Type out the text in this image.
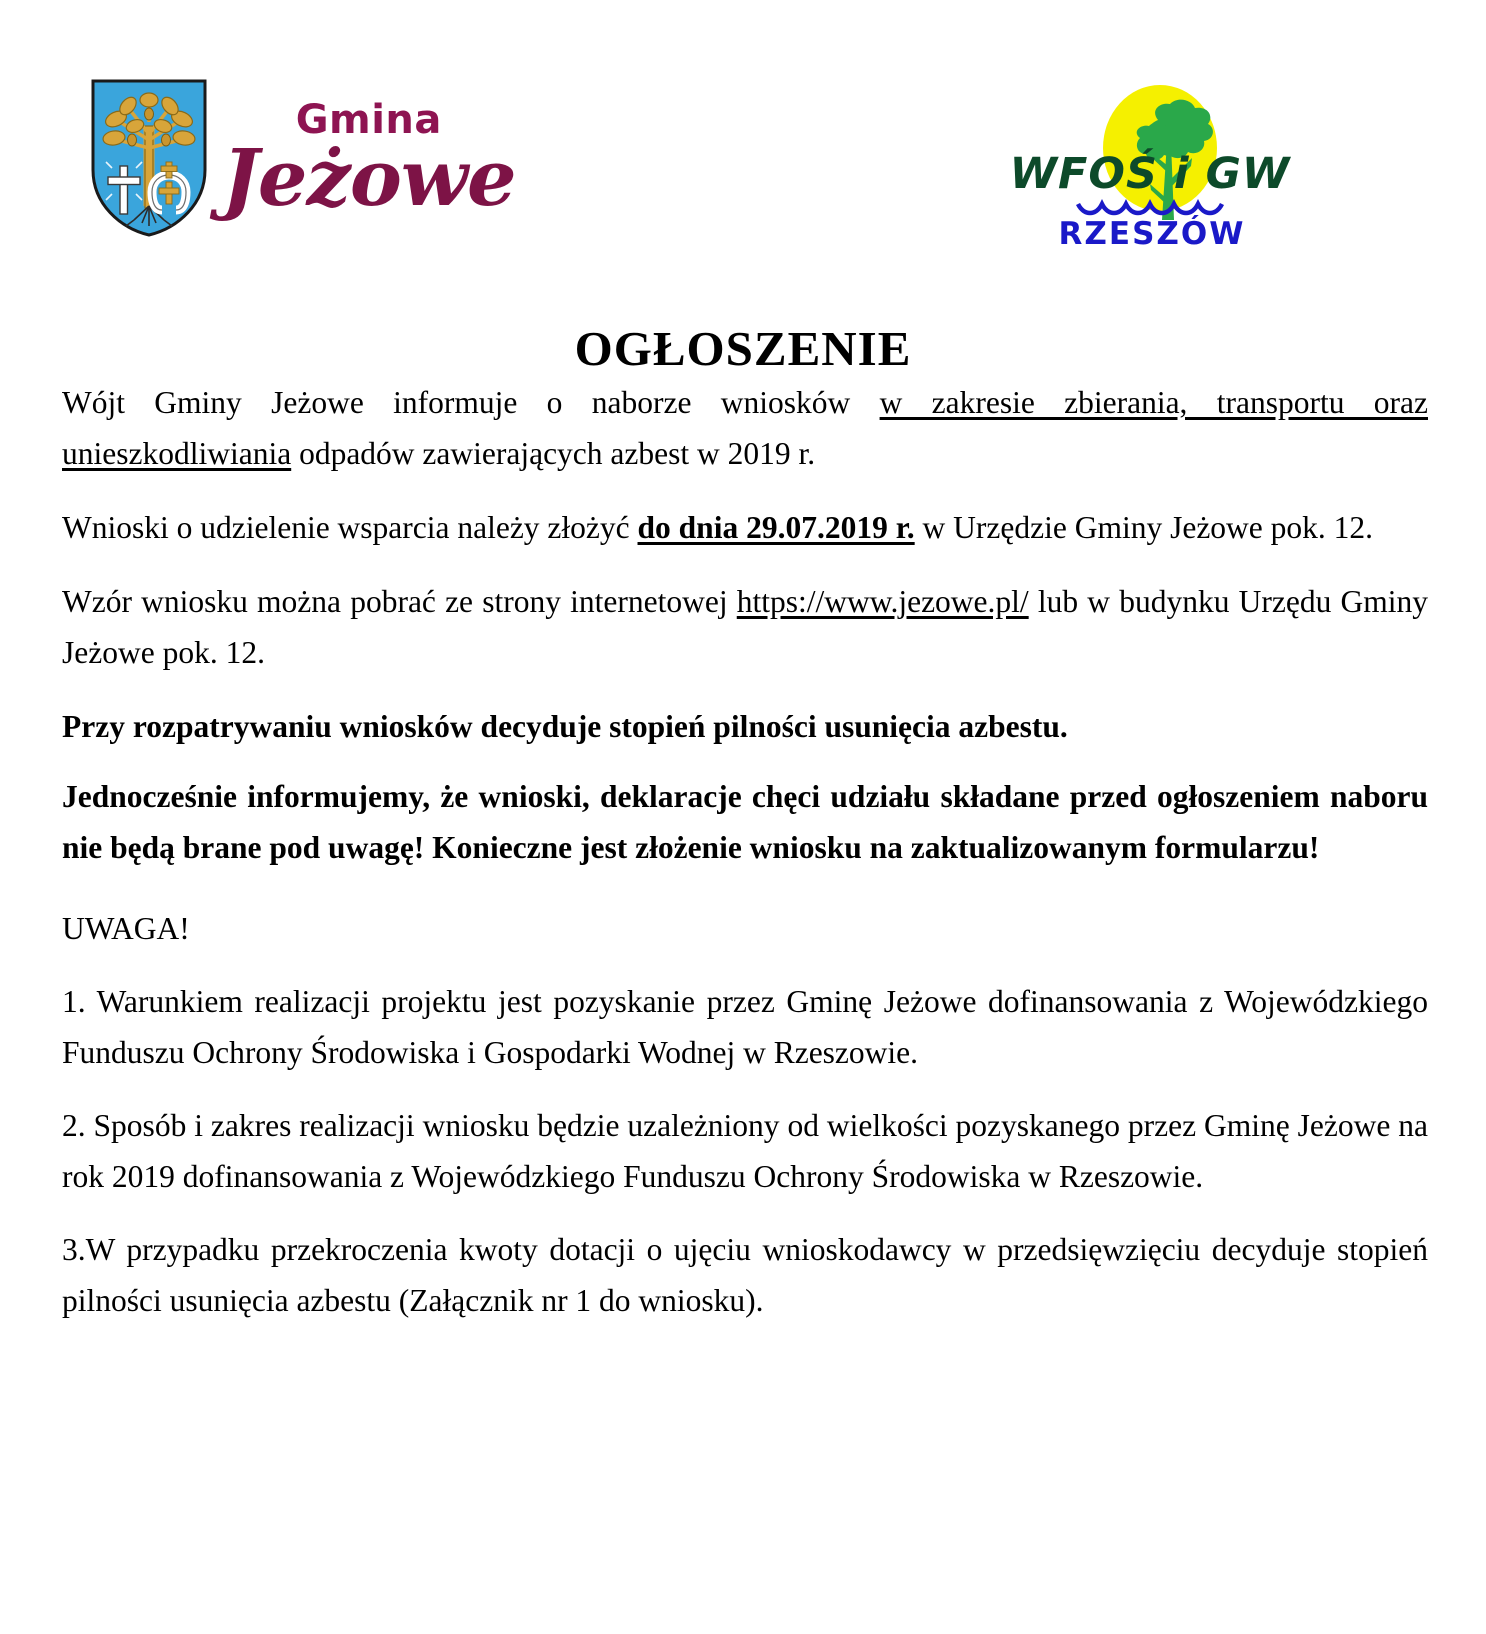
Gmina
Jeżowe	WFOŚ i GW
RZESZÓW
OGŁOSZENIE

Wójt Gminy Jeżowe informuje o naborze wniosków w zakresie zbierania, transportu oraz unieszkodliwiania odpadów zawierających azbest w 2019 r.

Wnioski o udzielenie wsparcia należy złożyć do dnia 29.07.2019 r. w Urzędzie Gminy Jeżowe pok. 12.

Wzór wniosku można pobrać ze strony internetowej https://www.jezowe.pl/ lub w budynku Urzędu Gminy Jeżowe pok. 12.

Przy rozpatrywaniu wniosków decyduje stopień pilności usunięcia azbestu.

Jednocześnie informujemy, że wnioski, deklaracje chęci udziału składane przed ogłoszeniem naboru nie będą brane pod uwagę! Konieczne jest złożenie wniosku na zaktualizowanym formularzu!

UWAGA!

1. Warunkiem realizacji projektu jest pozyskanie przez Gminę Jeżowe dofinansowania z Wojewódzkiego Funduszu Ochrony Środowiska i Gospodarki Wodnej w Rzeszowie.

2. Sposób i zakres realizacji wniosku będzie uzależniony od wielkości pozyskanego przez Gminę Jeżowe na rok 2019 dofinansowania z Wojewódzkiego Funduszu Ochrony Środowiska w Rzeszowie.

3.W przypadku przekroczenia kwoty dotacji o ujęciu wnioskodawcy w przedsięwzięciu decyduje stopień pilności usunięcia azbestu (Załącznik nr 1 do wniosku).
